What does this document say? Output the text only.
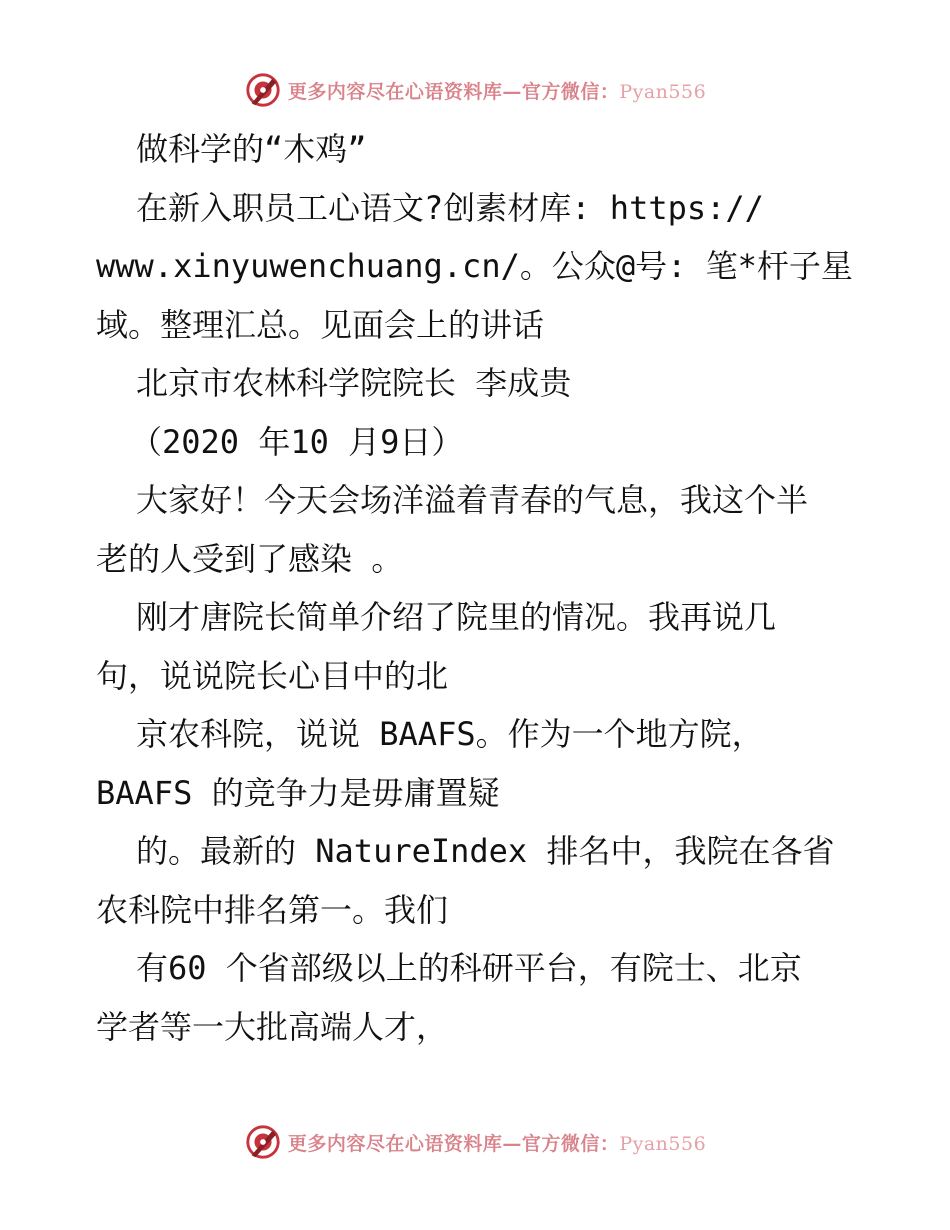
更多内容尽在心语资料库—官方微信：Pyan556
做科学的“木鸡”
在新入职员工心语文?创素材库: https://
www.xinyuwenchuang.cn/。公众@号: 笔*杆子星
域。整理汇总。见面会上的讲话
北京市农林科学院院长 李成贵
（2020 年10 月9日）
大家好！今天会场洋溢着青春的气息，我这个半
老的人受到了感染 。
刚才唐院长简单介绍了院里的情况。我再说几
句，说说院长心目中的北
京农科院，说说 BAAFS。作为一个地方院，
BAAFS 的竞争力是毋庸置疑
的。最新的 NatureIndex 排名中，我院在各省
农科院中排名第一。我们
有60 个省部级以上的科研平台，有院士、北京
学者等一大批高端人才，
更多内容尽在心语资料库—官方微信：Pyan556
